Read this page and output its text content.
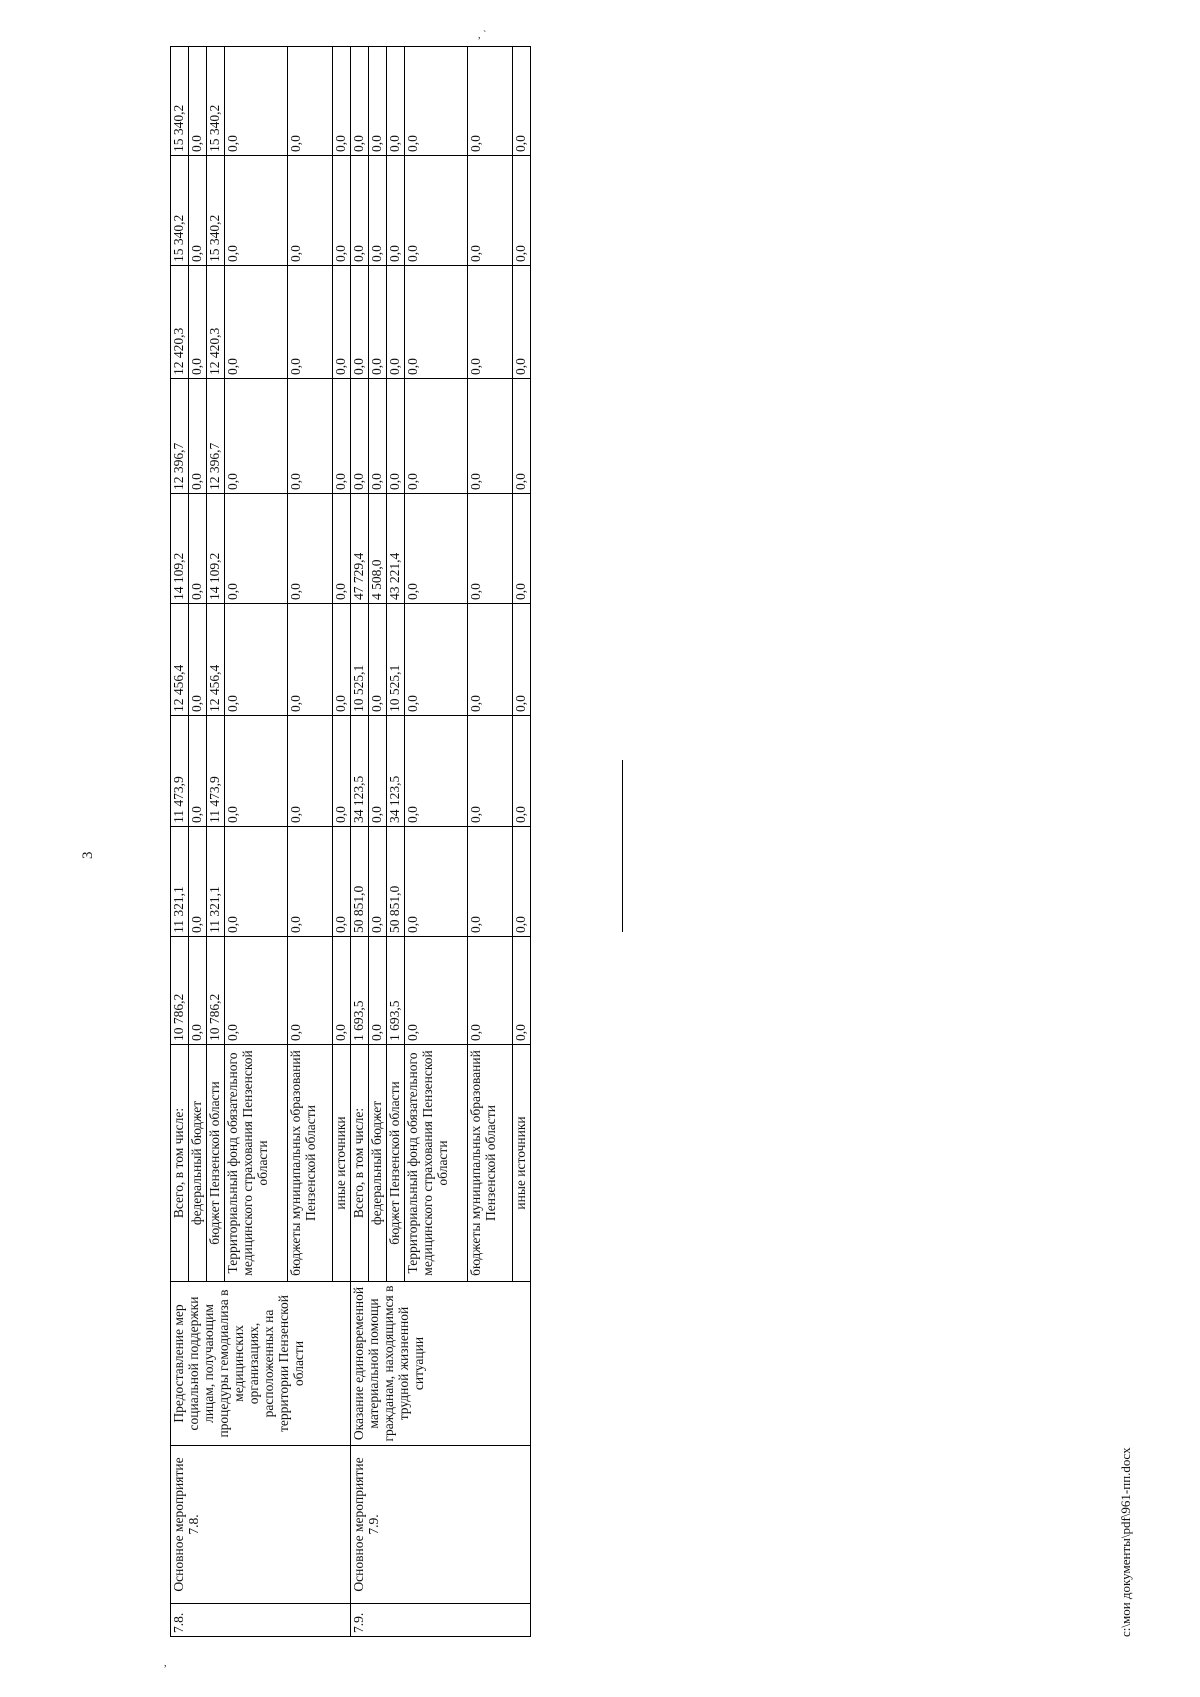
,
, `
3
7.8.	Основное мероприятие 7.8.	Предоставление мер социальной поддержки лицам, получающим процедуры гемодиализа в медицинских организациях, расположенных на территории Пензенской области	Всего, в том числе:	10 786,2	11 321,1	11 473,9	12 456,4	14 109,2	12 396,7	12 420,3	15 340,2	15 340,2
			федеральный бюджет	0,0	0,0	0,0	0,0	0,0	0,0	0,0	0,0	0,0
			бюджет Пензенской области	10 786,2	11 321,1	11 473,9	12 456,4	14 109,2	12 396,7	12 420,3	15 340,2	15 340,2
			Территориальный фонд обязательного медицинского страхования Пензенской области	0,0	0,0	0,0	0,0	0,0	0,0	0,0	0,0	0,0
			бюджеты муниципальных образований Пензенской области	0,0	0,0	0,0	0,0	0,0	0,0	0,0	0,0	0,0
			иные источники	0,0	0,0	0,0	0,0	0,0	0,0	0,0	0,0	0,0
7.9.	Основное мероприятие 7.9.	Оказание единовременной материальной помощи гражданам, находящимся в трудной жизненной ситуации	Всего, в том числе:	1 693,5	50 851,0	34 123,5	10 525,1	47 729,4	0,0	0,0	0,0	0,0
			федеральный бюджет	0,0	0,0	0,0	0,0	4 508,0	0,0	0,0	0,0	0,0
			бюджет Пензенской области	1 693,5	50 851,0	34 123,5	10 525,1	43 221,4	0,0	0,0	0,0	0,0
			Территориальный фонд обязательного медицинского страхования Пензенской области	0,0	0,0	0,0	0,0	0,0	0,0	0,0	0,0	0,0
			бюджеты муниципальных образований Пензенской области	0,0	0,0	0,0	0,0	0,0	0,0	0,0	0,0	0,0
			иные источники	0,0	0,0	0,0	0,0	0,0	0,0	0,0	0,0	0,0
c:\мои документы\pdf\961-пп.docx
